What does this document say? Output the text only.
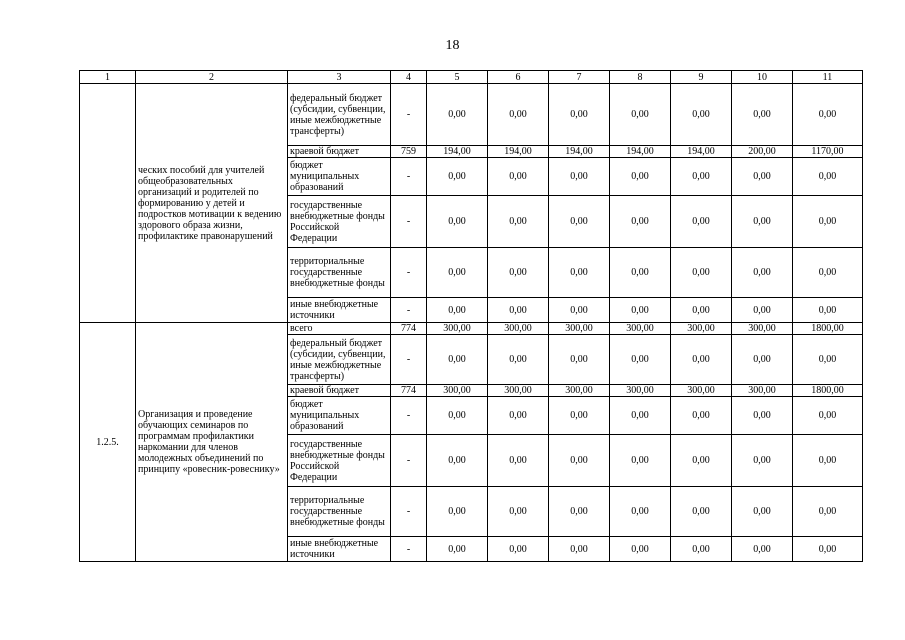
18
1	2	3	4	5	6	7	8	9	10	11
	ческих пособий для учителей общеобразовательных организаций и родителей по формированию у детей и подростков мотивации к ведению здорового образа жизни, профилактике правонарушений	федеральный бюджет (субсидии, субвенции, иные межбюджетные трансферты)	-	0,00	0,00	0,00	0,00	0,00	0,00	0,00
		краевой бюджет	759	194,00	194,00	194,00	194,00	194,00	200,00	1170,00
		бюджет муниципальных образований	-	0,00	0,00	0,00	0,00	0,00	0,00	0,00
		государственные внебюджетные фонды Российской Федерации	-	0,00	0,00	0,00	0,00	0,00	0,00	0,00
		территориальные государственные внебюджетные фонды	-	0,00	0,00	0,00	0,00	0,00	0,00	0,00
		иные внебюджетные источники	-	0,00	0,00	0,00	0,00	0,00	0,00	0,00
1.2.5.	Организация и проведение обучающих семинаров по программам профилактики наркомании для членов молодежных объединений по принципу «ровесник-ровеснику»	всего	774	300,00	300,00	300,00	300,00	300,00	300,00	1800,00
		федеральный бюджет (субсидии, субвенции, иные межбюджетные трансферты)	-	0,00	0,00	0,00	0,00	0,00	0,00	0,00
		краевой бюджет	774	300,00	300,00	300,00	300,00	300,00	300,00	1800,00
		бюджет муниципальных образований	-	0,00	0,00	0,00	0,00	0,00	0,00	0,00
		государственные внебюджетные фонды Российской Федерации	-	0,00	0,00	0,00	0,00	0,00	0,00	0,00
		территориальные государственные внебюджетные фонды	-	0,00	0,00	0,00	0,00	0,00	0,00	0,00
		иные внебюджетные источники	-	0,00	0,00	0,00	0,00	0,00	0,00	0,00
